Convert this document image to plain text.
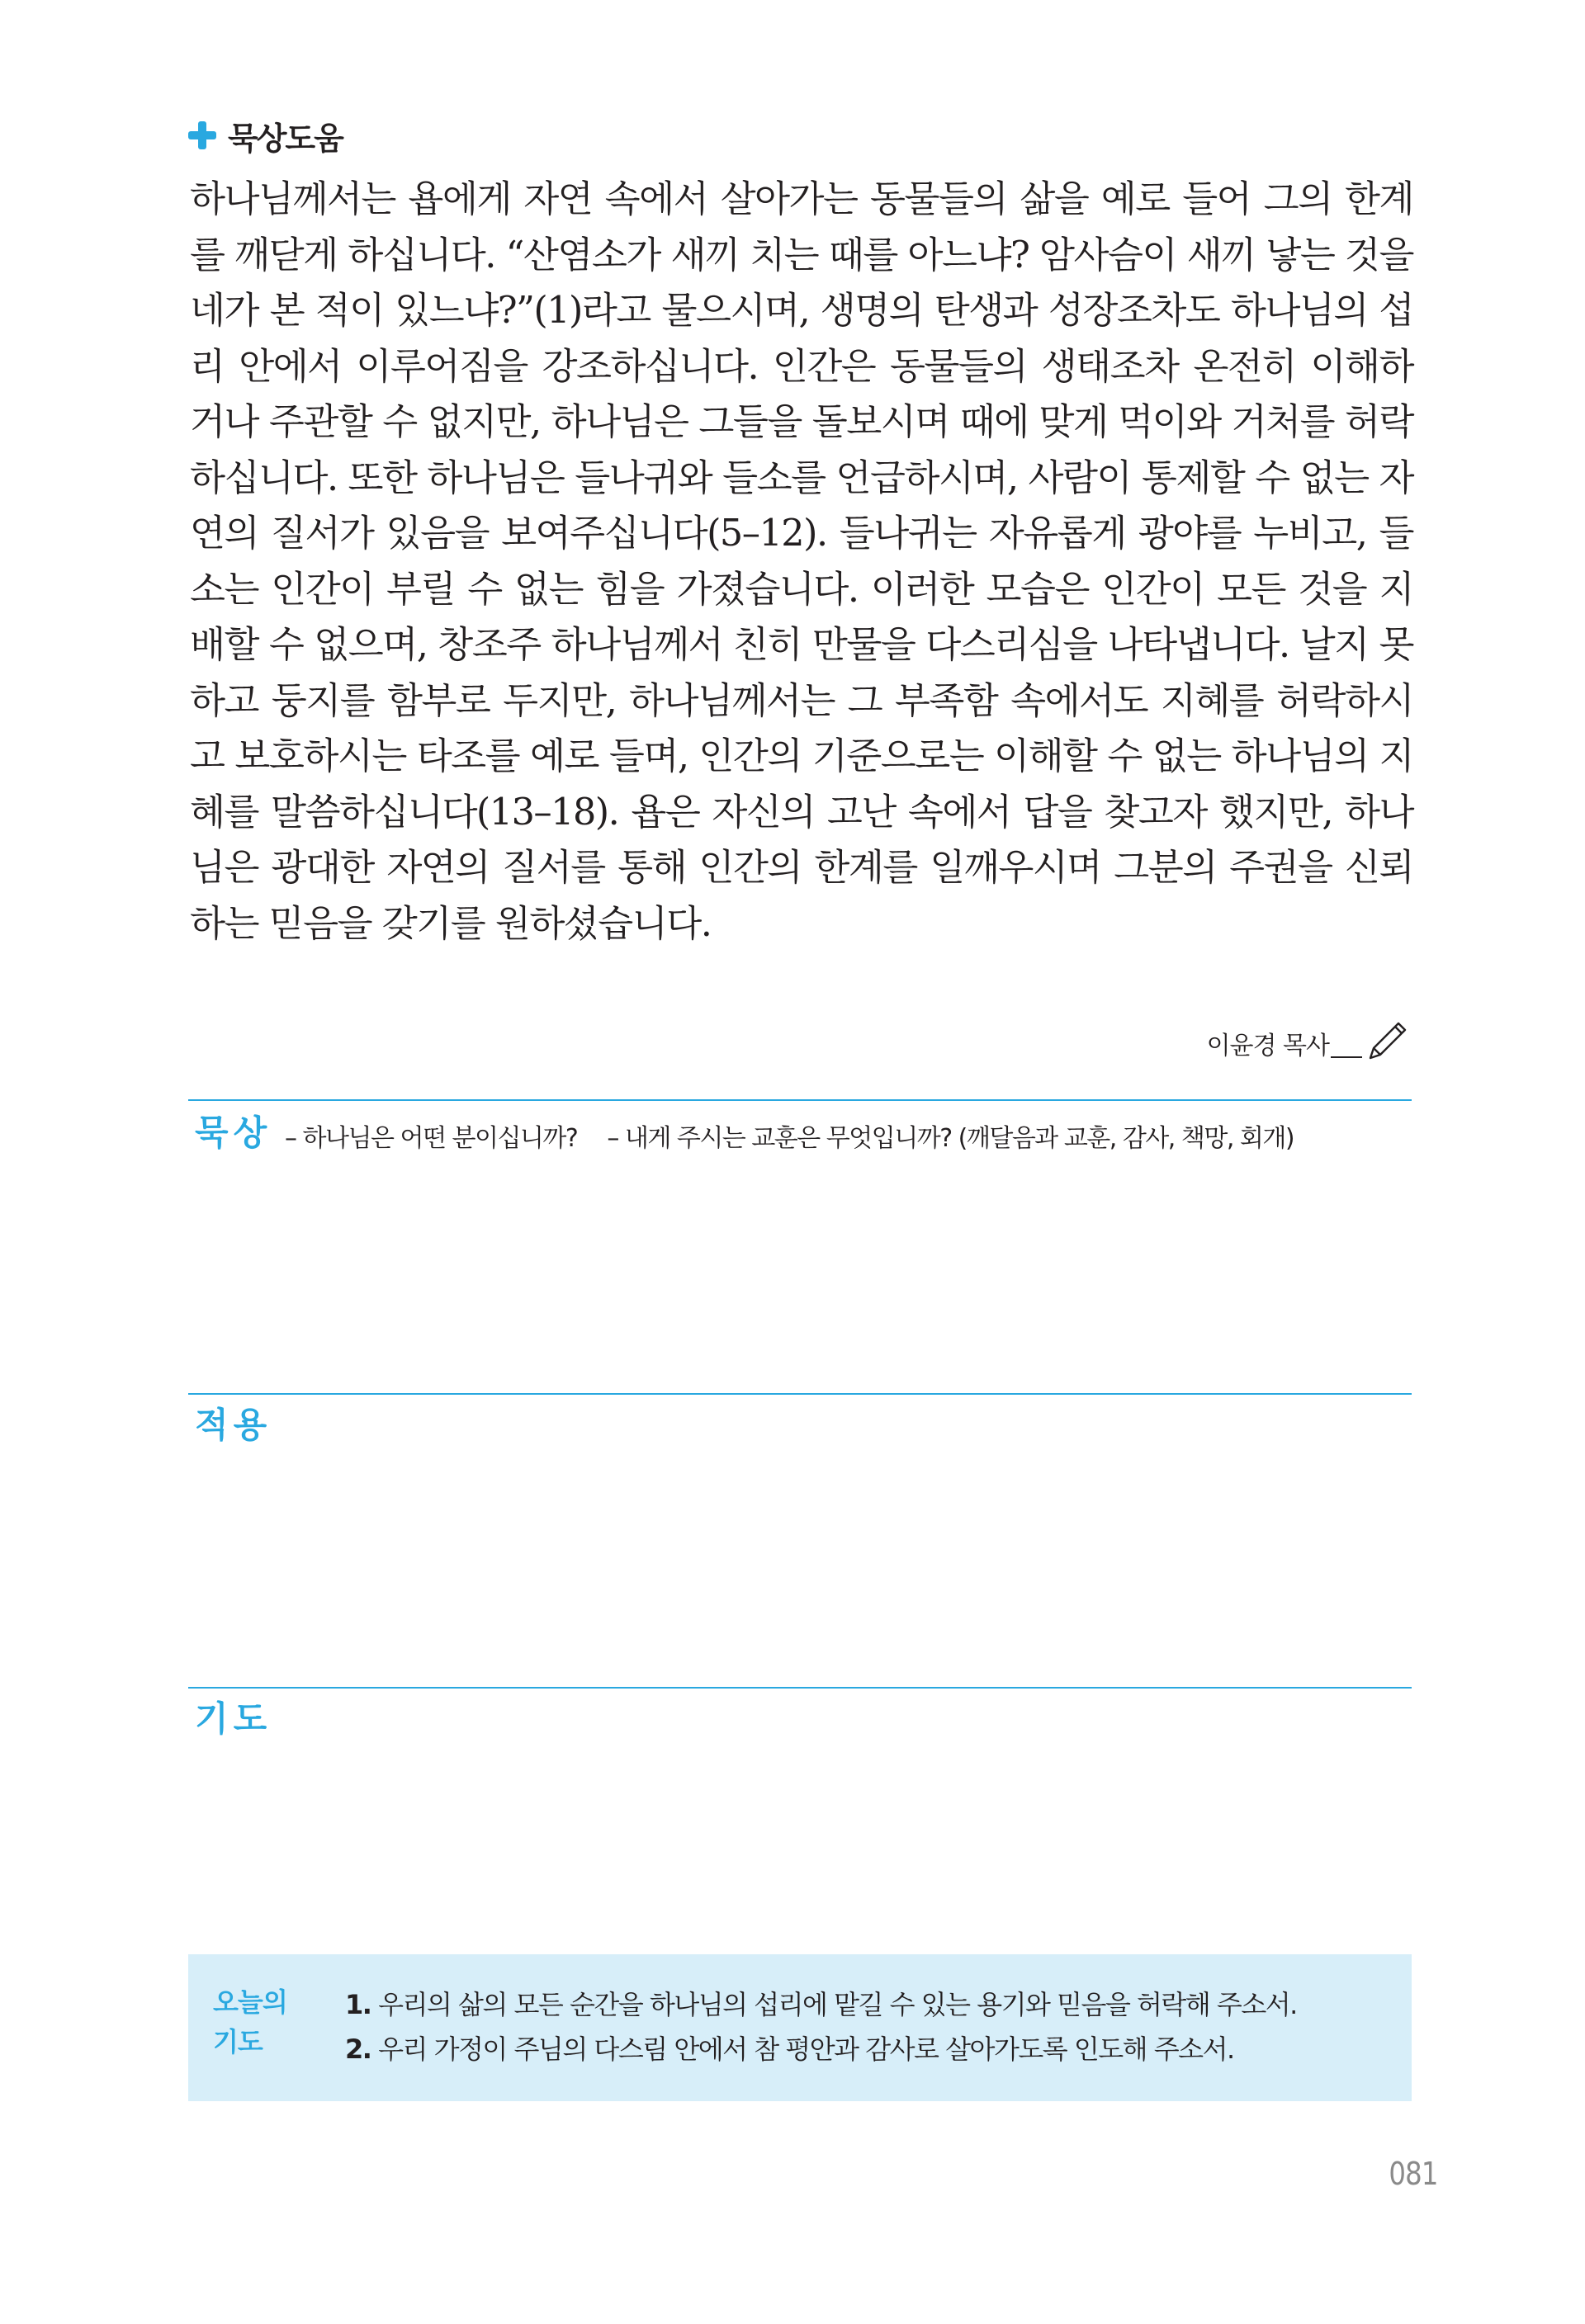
묵상도움

하나님께서는 욥에게 자연 속에서 살아가는 동물들의 삶을 예로 들어 그의 한계를 깨닫게 하십니다. “산염소가 새끼 치는 때를 아느냐? 암사슴이 새끼 낳는 것을 네가 본 적이 있느냐?”(1)라고 물으시며, 생명의 탄생과 성장조차도 하나님의 섭리 안에서 이루어짐을 강조하십니다. 인간은 동물들의 생태조차 온전히 이해하거나 주관할 수 없지만, 하나님은 그들을 돌보시며 때에 맞게 먹이와 거처를 허락하십니다. 또한 하나님은 들나귀와 들소를 언급하시며, 사람이 통제할 수 없는 자연의 질서가 있음을 보여주십니다(5–12). 들나귀는 자유롭게 광야를 누비고, 들소는 인간이 부릴 수 없는 힘을 가졌습니다. 이러한 모습은 인간이 모든 것을 지배할 수 없으며, 창조주 하나님께서 친히 만물을 다스리심을 나타냅니다. 날지 못하고 둥지를 함부로 두지만, 하나님께서는 그 부족함 속에서도 지혜를 허락하시고 보호하시는 타조를 예로 들며, 인간의 기준으로는 이해할 수 없는 하나님의 지혜를 말씀하십니다(13–18). 욥은 자신의 고난 속에서 답을 찾고자 했지만, 하나님은 광대한 자연의 질서를 통해 인간의 한계를 일깨우시며 그분의 주권을 신뢰하는 믿음을 갖기를 원하셨습니다.

이윤경 목사
묵상 – 하나님은 어떤 분이십니까? – 내게 주시는 교훈은 무엇입니까? (깨달음과 교훈, 감사, 책망, 회개)
적용
기도
오늘의
기도
1. 우리의 삶의 모든 순간을 하나님의 섭리에 맡길 수 있는 용기와 믿음을 허락해 주소서.
2. 우리 가정이 주님의 다스림 안에서 참 평안과 감사로 살아가도록 인도해 주소서.
081
